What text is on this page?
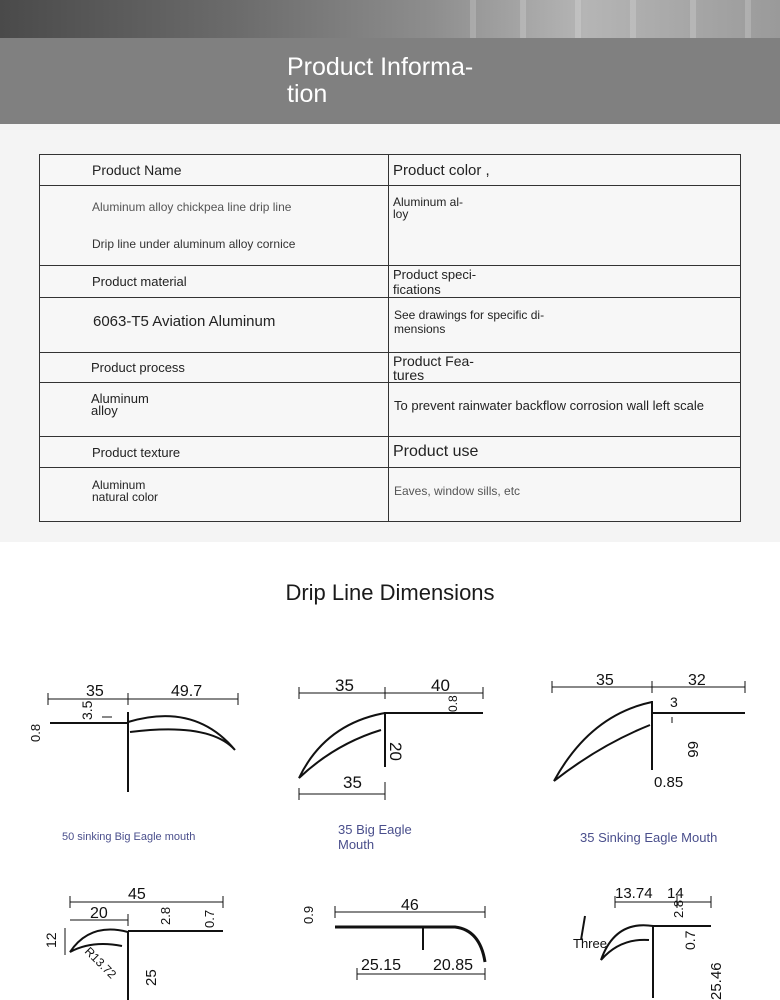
Product Informa-
tion
Product Name	Product color ,

Aluminum alloy chickpea line drip line
Drip line under aluminum alloy cornice	Aluminum al-
loy

Product material	Product speci-
fications

6063-T5 Aviation Aluminum	See drawings for specific di-
mensions

Product process	Product Fea-
tures

Aluminum
alloy	To prevent rainwater backflow corrosion wall left scale

Product texture	Product use

Aluminum
natural color	Eaves, window sills, etc
Drip Line Dimensions
35	49.7
3.5
0.8
50 sinking Big Eagle mouth
35	40
0.8
20
35
35 Big Eagle
Mouth
35	32
3
66
0.85
35 Sinking Eagle Mouth
45
20	2.8 0.7
12
R13.72 25
46
0.9
25.15 20.85
13.74 14
2.8
Three	0.7
25.46
